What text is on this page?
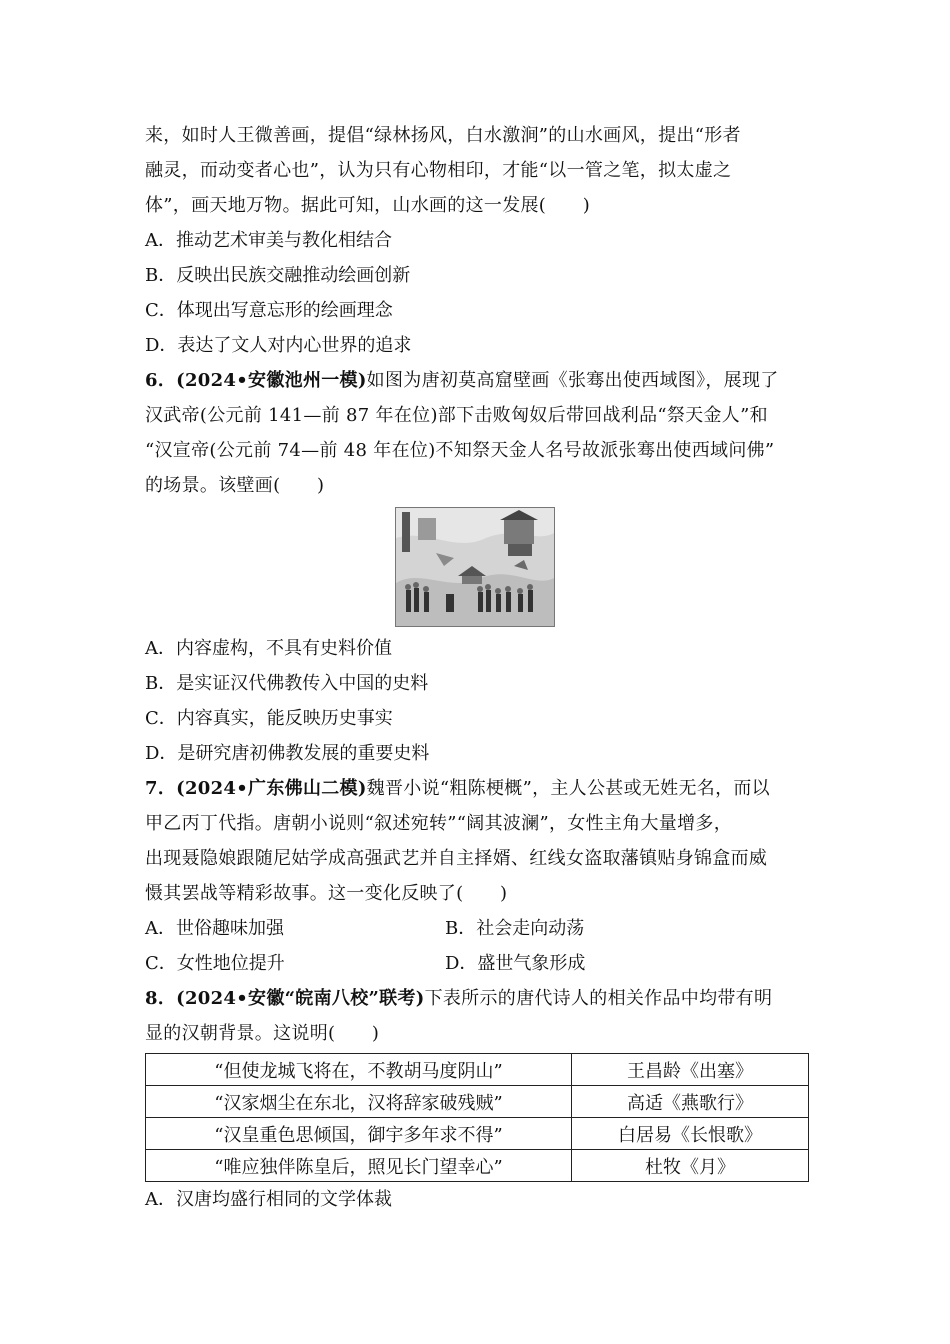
来，如时人王微善画，提倡“绿林扬风，白水激涧”的山水画风，提出“形者
融灵，而动变者心也”，认为只有心物相印，才能“以一管之笔，拟太虚之
体”，画天地万物。据此可知，山水画的这一发展(　　)
A．推动艺术审美与教化相结合
B．反映出民族交融推动绘画创新
C．体现出写意忘形的绘画理念
D．表达了文人对内心世界的追求
6．(2024•安徽池州一模)如图为唐初莫高窟壁画《张骞出使西域图》，展现了
汉武帝(公元前 141—前 87 年在位)部下击败匈奴后带回战利品“祭天金人”和
“汉宣帝(公元前 74—前 48 年在位)不知祭天金人名号故派张骞出使西域问佛”
的场景。该壁画(　　)
A．内容虚构，不具有史料价值
B．是实证汉代佛教传入中国的史料
C．内容真实，能反映历史事实
D．是研究唐初佛教发展的重要史料
7．(2024•广东佛山二模)魏晋小说“粗陈梗概”，主人公甚或无姓无名，而以
甲乙丙丁代指。唐朝小说则“叙述宛转”“阔其波澜”，女性主角大量增多，
出现聂隐娘跟随尼姑学成高强武艺并自主择婿、红线女盗取藩镇贴身锦盒而威
慑其罢战等精彩故事。这一变化反映了(　　)
A．世俗趣味加强	B．社会走向动荡
C．女性地位提升	D．盛世气象形成
8．(2024•安徽“皖南八校”联考)下表所示的唐代诗人的相关作品中均带有明
显的汉朝背景。这说明(　　)
“但使龙城飞将在，不教胡马度阴山”	王昌龄《出塞》
“汉家烟尘在东北，汉将辞家破残贼”	高适《燕歌行》
“汉皇重色思倾国，御宇多年求不得”	白居易《长恨歌》
“唯应独伴陈皇后，照见长门望幸心”	杜牧《月》
A．汉唐均盛行相同的文学体裁
